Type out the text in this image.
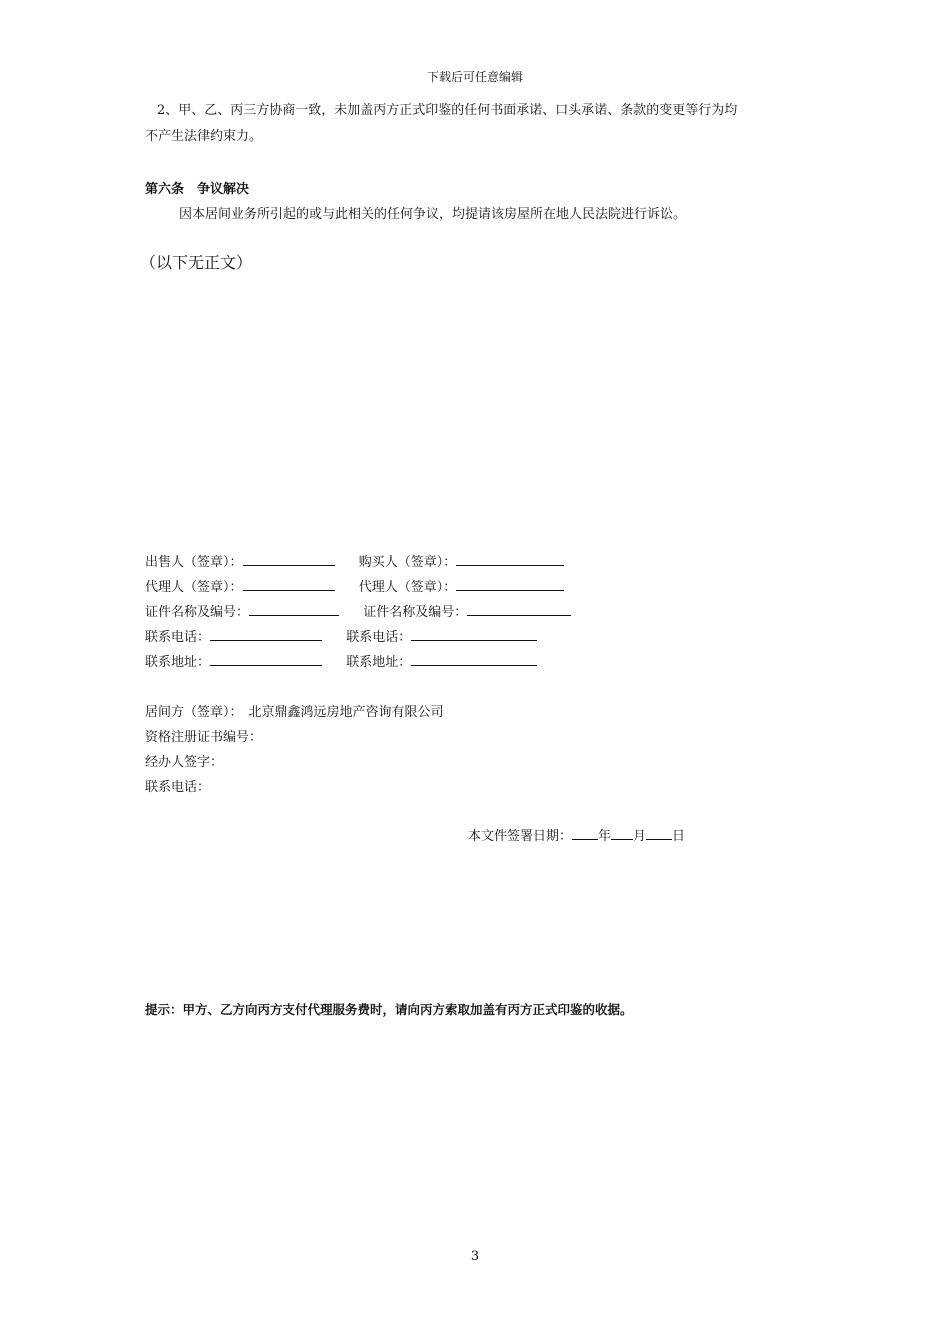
下载后可任意编辑
2、甲、乙、丙三方协商一致，未加盖丙方正式印鉴的任何书面承诺、口头承诺、条款的变更等行为均
不产生法律约束力。
第六条　争议解决
因本居间业务所引起的或与此相关的任何争议，均提请该房屋所在地人民法院进行诉讼。
（以下无正文）
出售人（签章）：	购买人（签章）：
代理人（签章）：	代理人（签章）：
证件名称及编号：	证件名称及编号：
联系电话：	联系电话：
联系地址：	联系地址：
居间方（签章）： 北京鼎鑫鸿远房地产咨询有限公司
资格注册证书编号：
经办人签字：
联系电话：
本文件签署日期： 年 月 日
提示：甲方、乙方向丙方支付代理服务费时，请向丙方索取加盖有丙方正式印鉴的收据。
3
